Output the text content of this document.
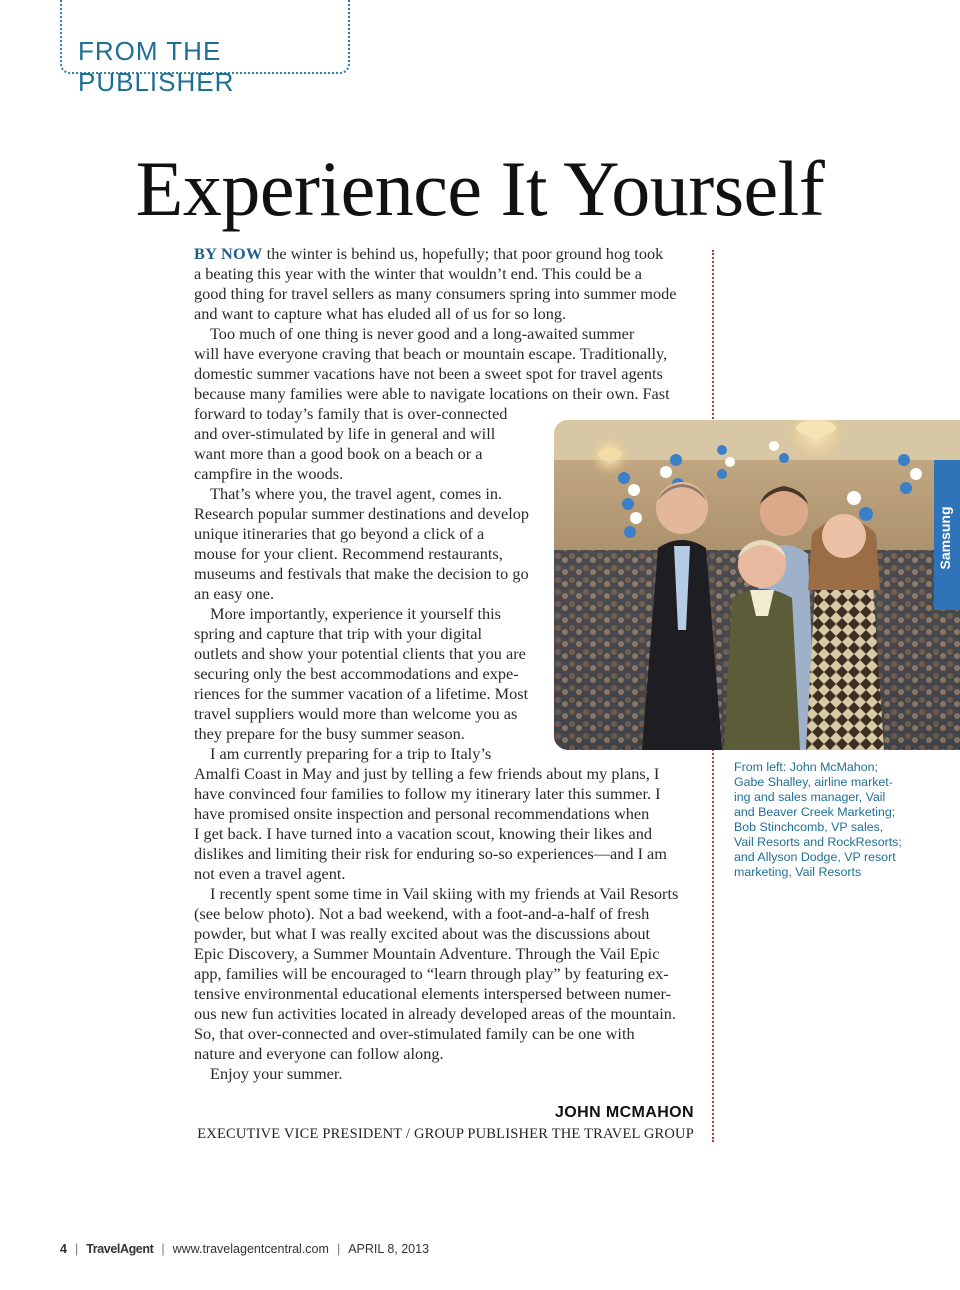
FROM THE PUBLISHER
Experience It Yourself
BY NOW the winter is behind us, hopefully; that poor ground hog took
a beating this year with the winter that wouldn’t end. This could be a
good thing for travel sellers as many consumers spring into summer mode
and want to capture what has eluded all of us for so long.
Too much of one thing is never good and a long-awaited summer
will have everyone craving that beach or mountain escape. Traditionally,
domestic summer vacations have not been a sweet spot for travel agents
because many families were able to navigate locations on their own. Fast
forward to today’s family that is over-connected
and over-stimulated by life in general and will
want more than a good book on a beach or a
campfire in the woods.
That’s where you, the travel agent, comes in.
Research popular summer destinations and develop
unique itineraries that go beyond a click of a
mouse for your client. Recommend restaurants,
museums and festivals that make the decision to go
an easy one.
More importantly, experience it yourself this
spring and capture that trip with your digital
outlets and show your potential clients that you are
securing only the best accommodations and expe-
riences for the summer vacation of a lifetime. Most
travel suppliers would more than welcome you as
they prepare for the busy summer season.
I am currently preparing for a trip to Italy’s
Amalfi Coast in May and just by telling a few friends about my plans, I
have convinced four families to follow my itinerary later this summer. I
have promised onsite inspection and personal recommendations when
I get back. I have turned into a vacation scout, knowing their likes and
dislikes and limiting their risk for enduring so-so experiences—and I am
not even a travel agent.
I recently spent some time in Vail skiing with my friends at Vail Resorts
(see below photo). Not a bad weekend, with a foot-and-a-half of fresh
powder, but what I was really excited about was the discussions about
Epic Discovery, a Summer Mountain Adventure. Through the Vail Epic
app, families will be encouraged to “learn through play” by featuring ex-
tensive environmental educational elements interspersed between numer-
ous new fun activities located in already developed areas of the mountain.
So, that over-connected and over-stimulated family can be one with
nature and everyone can follow along.
Enjoy your summer.
Samsung
From left: John McMahon;
Gabe Shalley, airline market-
ing and sales manager, Vail
and Beaver Creek Marketing;
Bob Stinchcomb, VP sales,
Vail Resorts and RockResorts;
and Allyson Dodge, VP resort
marketing, Vail Resorts

JOHN MCMAHON

EXECUTIVE VICE PRESIDENT / GROUP PUBLISHER THE TRAVEL GROUP

4 | TravelAgent | www.travelagentcentral.com | APRIL 8, 2013
